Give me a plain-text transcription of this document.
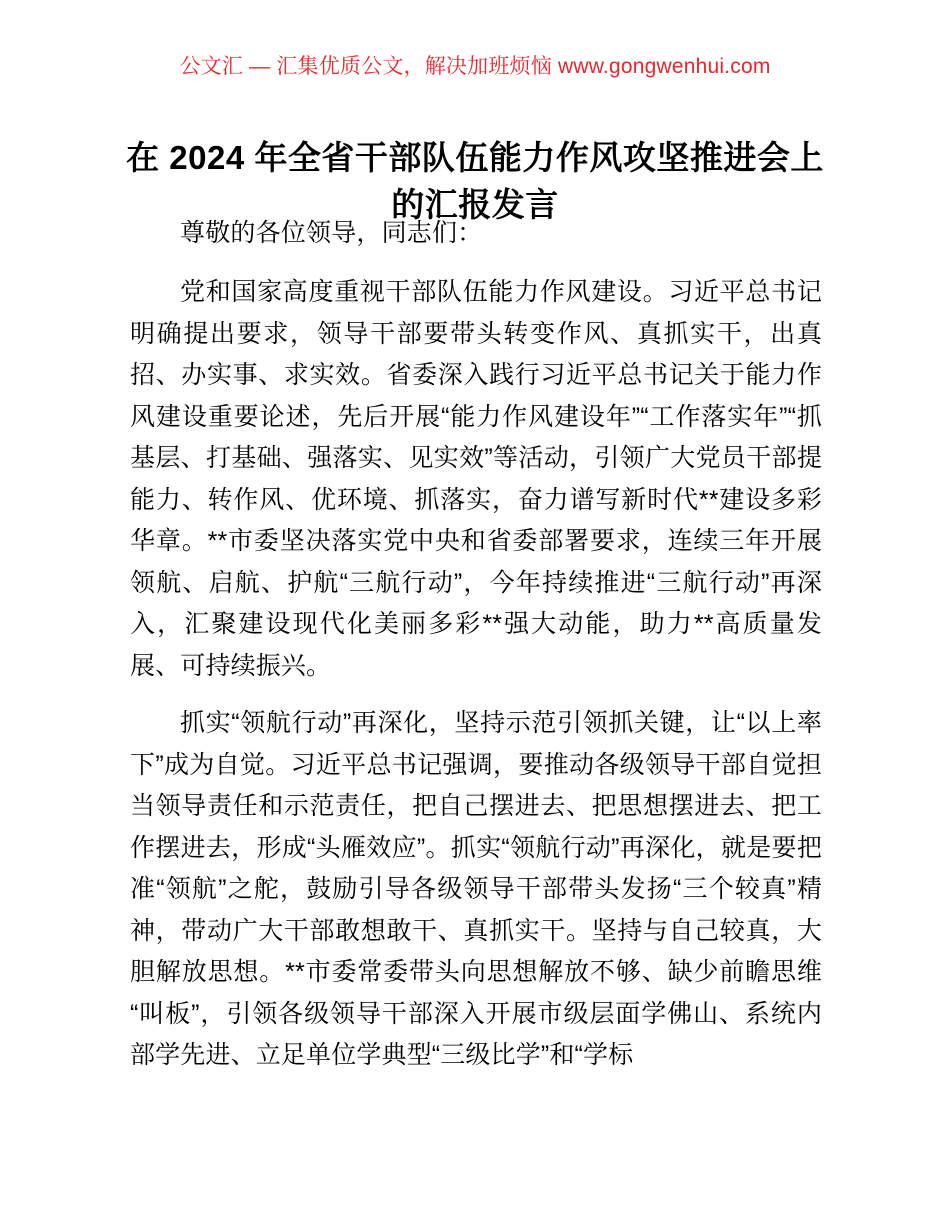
公文汇 — 汇集优质公文，解决加班烦恼 www.gongwenhui.com
在 2024 年全省干部队伍能力作风攻坚推进会上的汇报发言

尊敬的各位领导，同志们：

党和国家高度重视干部队伍能力作风建设。习近平总书记明确提出要求，领导干部要带头转变作风、真抓实干，出真招、办实事、求实效。省委深入践行习近平总书记关于能力作风建设重要论述，先后开展“能力作风建设年”“工作落实年”“抓基层、打基础、强落实、见实效”等活动，引领广大党员干部提能力、转作风、优环境、抓落实，奋力谱写新时代**建设多彩华章。**市委坚决落实党中央和省委部署要求，连续三年开展领航、启航、护航“三航行动”，今年持续推进“三航行动”再深入，汇聚建设现代化美丽多彩**强大动能，助力**高质量发展、可持续振兴。

抓实“领航行动”再深化，坚持示范引领抓关键，让“以上率下”成为自觉。习近平总书记强调，要推动各级领导干部自觉担当领导责任和示范责任，把自己摆进去、把思想摆进去、把工作摆进去，形成“头雁效应”。抓实“领航行动”再深化，就是要把准“领航”之舵，鼓励引导各级领导干部带头发扬“三个较真”精神，带动广大干部敢想敢干、真抓实干。坚持与自己较真，大胆解放思想。**市委常委带头向思想解放不够、缺少前瞻思维“叫板”，引领各级领导干部深入开展市级层面学佛山、系统内部学先进、立足单位学典型“三级比学”和“学标
